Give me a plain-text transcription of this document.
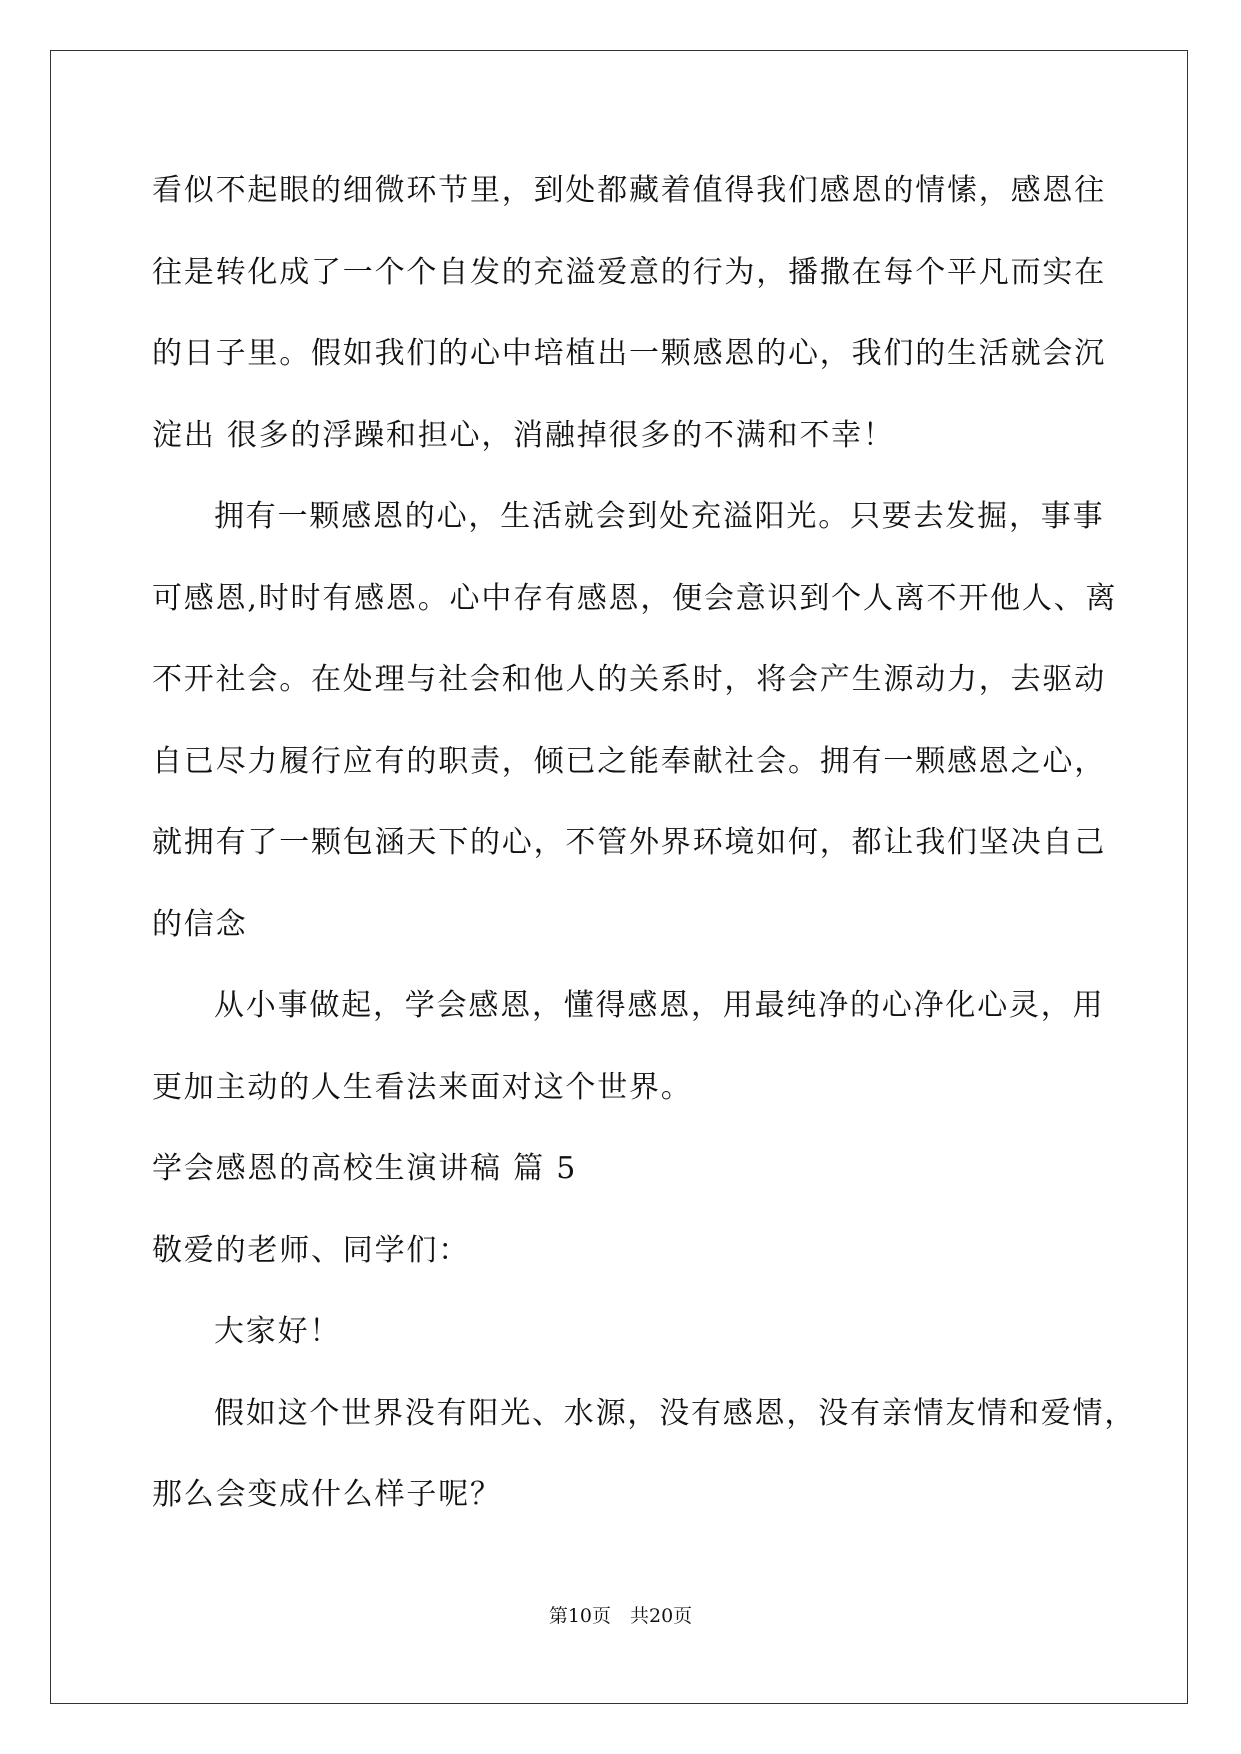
看似不起眼的细微环节里，到处都藏着值得我们感恩的情愫，感恩往
往是转化成了一个个自发的充溢爱意的行为，播撒在每个平凡而实在
的日子里。假如我们的心中培植出一颗感恩的心，我们的生活就会沉
淀出 很多的浮躁和担心，消融掉很多的不满和不幸！
拥有一颗感恩的心，生活就会到处充溢阳光。只要去发掘，事事
可感恩,时时有感恩。心中存有感恩，便会意识到个人离不开他人、离
不开社会。在处理与社会和他人的关系时，将会产生源动力，去驱动
自已尽力履行应有的职责，倾已之能奉献社会。拥有一颗感恩之心，
就拥有了一颗包涵天下的心，不管外界环境如何，都让我们坚决自己
的信念
从小事做起，学会感恩，懂得感恩，用最纯净的心净化心灵，用
更加主动的人生看法来面对这个世界。
学会感恩的高校生演讲稿 篇 5
敬爱的老师、同学们：
大家好！
假如这个世界没有阳光、水源，没有感恩，没有亲情友情和爱情，
那么会变成什么样子呢？
第10页　共20页
